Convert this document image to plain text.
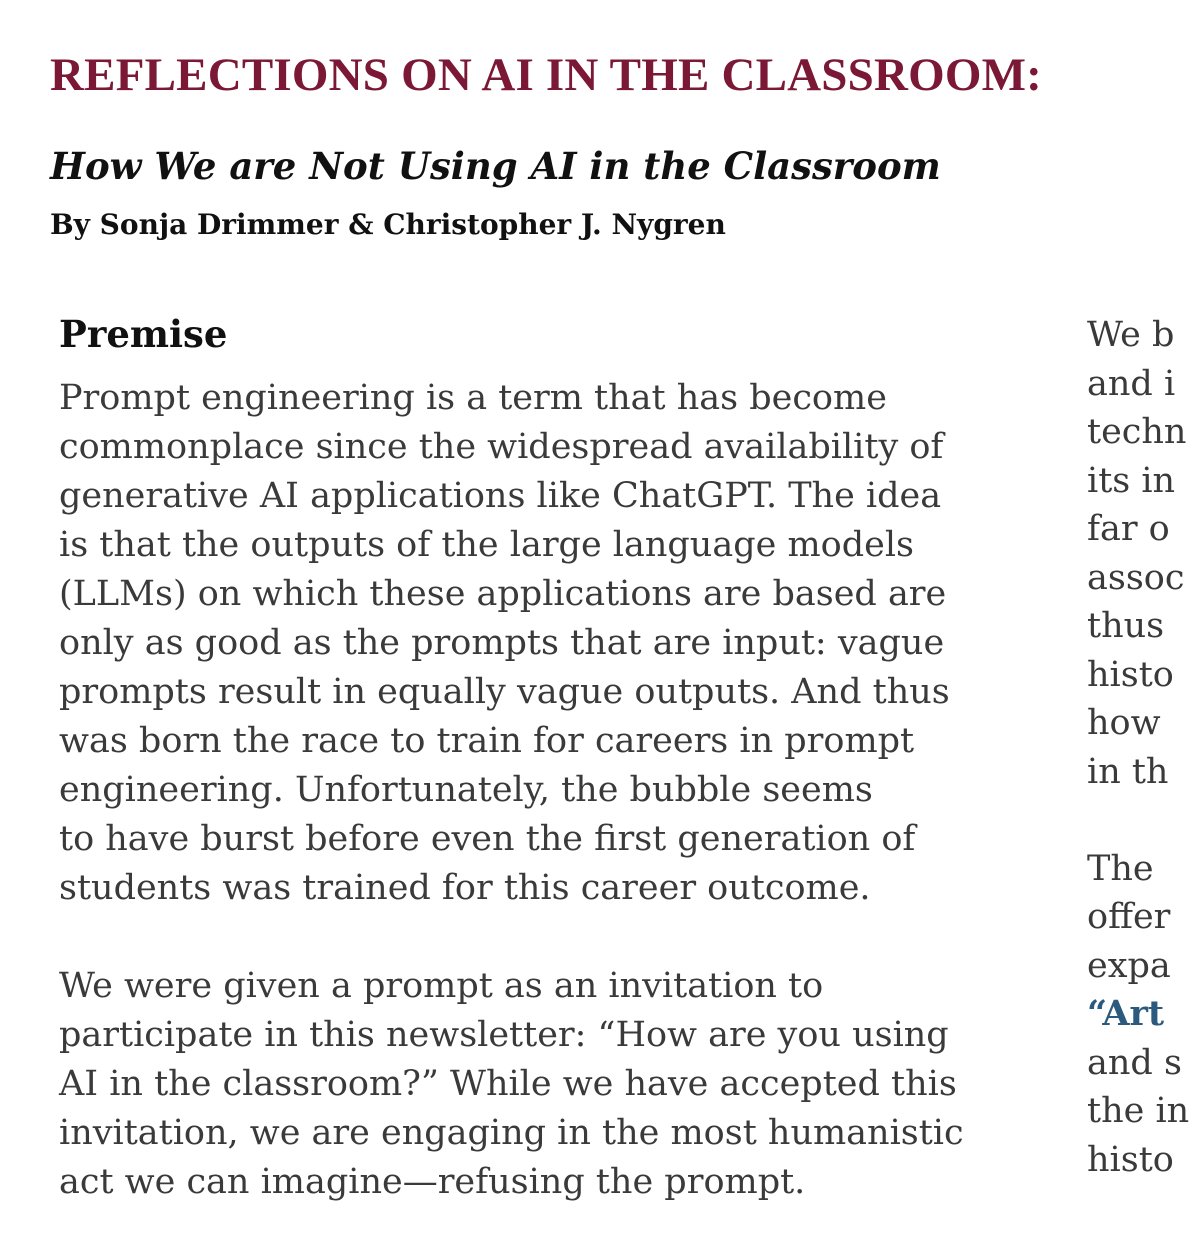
REFLECTIONS ON AI IN THE CLASSROOM:
How We are Not Using AI in the Classroom

By Sonja Drimmer & Christopher J. Nygren

Premise

Prompt engineering is a term that has become
commonplace since the widespread availability of
generative AI applications like ChatGPT. The idea
is that the outputs of the large language models
(LLMs) on which these applications are based are
only as good as the prompts that are input: vague
prompts result in equally vague outputs. And thus
was born the race to train for careers in prompt
engineering. Unfortunately, the bubble seems
to have burst before even the first generation of
students was trained for this career outcome.

We were given a prompt as an invitation to
participate in this newsletter: “How are you using
AI in the classroom?” While we have accepted this
invitation, we are engaging in the most humanistic
act we can imagine—refusing the prompt.

We b
and i
techn
its in
far o
assoc
thus
histo
how
in th
The
offer
expa
“Art
and s
the in
histo
